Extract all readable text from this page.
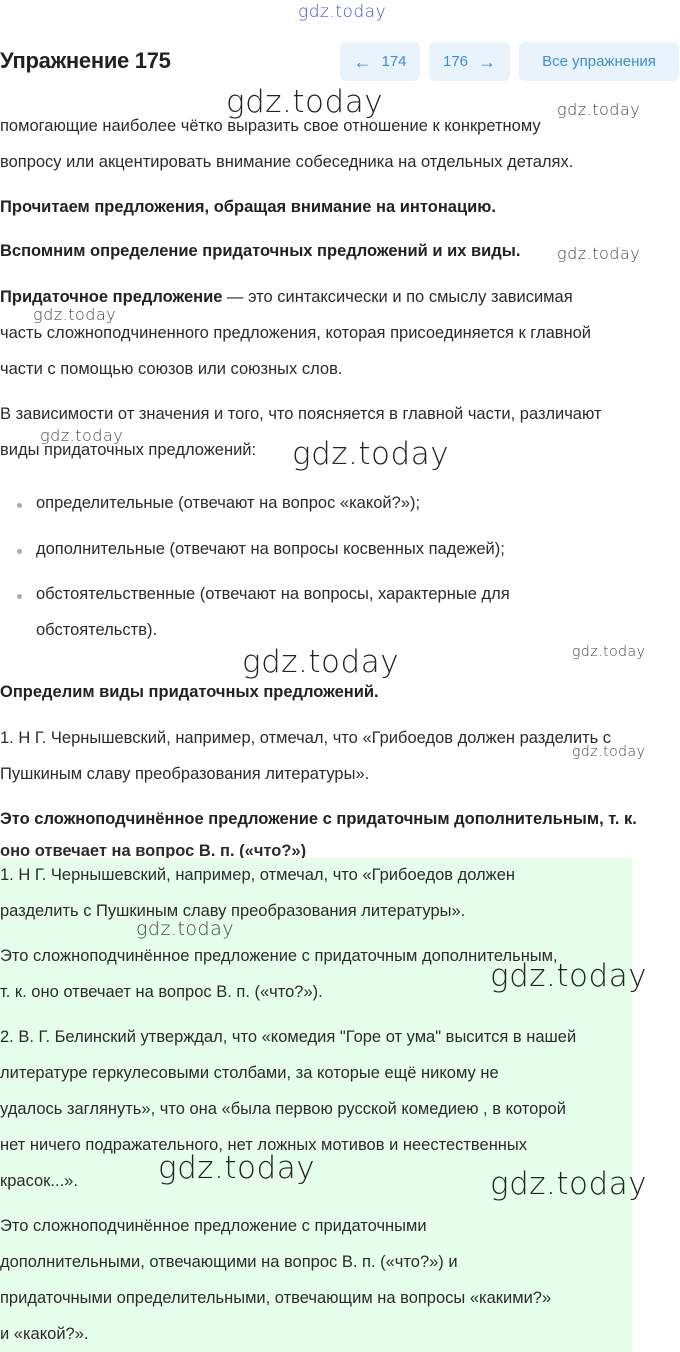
gdz.today
Упражнение 175	← 174 176 →	Все упражнения
помогающие наиболее чётко выразить свое отношение к конкретному
вопросу или акцентировать внимание собеседника на отдельных деталях.
Прочитаем предложения, обращая внимание на интонацию.
Вспомним определение придаточных предложений и их виды.
Придаточное предложение — это синтаксически и по смыслу зависимая
часть сложноподчиненного предложения, которая присоединяется к главной
части с помощью союзов или союзных слов.
В зависимости от значения и того, что поясняется в главной части, различают
виды придаточных предложений:
определительные (отвечают на вопрос «какой?»);
дополнительные (отвечают на вопросы косвенных падежей);
обстоятельственные (отвечают на вопросы, характерные для
обстоятельств).
Определим виды придаточных предложений.
1. Н Г. Чернышевский, например, отмечал, что «Грибоедов должен разделить с
Пушкиным славу преобразования литературы».
Это сложноподчинённое предложение с придаточным дополнительным, т. к.
оно отвечает на вопрос В. п. («что?»)
1. Н Г. Чернышевский, например, отмечал, что «Грибоедов должен
разделить с Пушкиным славу преобразования литературы».
Это сложноподчинённое предложение с придаточным дополнительным,
т. к. оно отвечает на вопрос В. п. («что?»).
2. В. Г. Белинский утверждал, что «комедия "Горе от ума" высится в нашей
литературе геркулесовыми столбами, за которые ещё никому не
удалось заглянуть», что она «была первою русской комедиею , в которой
нет ничего подражательного, нет ложных мотивов и неестественных
красок...».
Это сложноподчинённое предложение с придаточными
дополнительными, отвечающими на вопрос В. п. («что?») и
придаточными определительными, отвечающим на вопросы «какими?»
и «какой?».
gdz.today	gdz.today
gdz.today
gdz.today
gdz.today
gdz.today
gdz.today	gdz.today
gdz.today
gdz.today
gdz.today
gdz.today	gdz.today
